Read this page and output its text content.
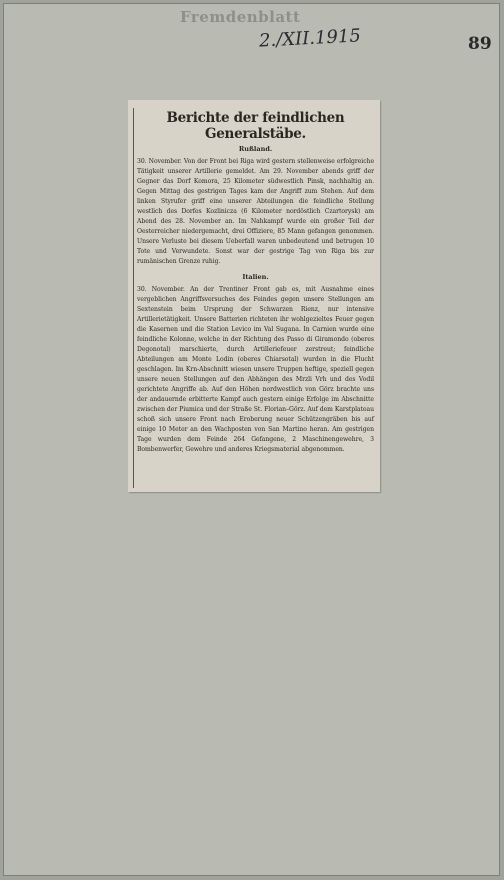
Fremdenblatt

2./XII.1915	89

Berichte der feindlichen Generalstäbe.

Rußland.

30. November. Von der Front bei Riga wird gestern stellenweise erfolgreiche Tätigkeit unserer Artillerie gemeldet. Am 29. November abends griff der Gegner das Dorf Komora, 25 Kilometer südwestlich Pinsk, nachhaltig an. Gegen Mittag des gestrigen Tages kam der Angriff zum Stehen. Auf dem linken Styrufer griff eine unserer Abteilungen die feindliche Stellung westlich des Dorfes Kozlinicza (6 Kilometer nordöstlich Czartorysk) am Abend des 28. November an. Im Nahkampf wurde ein großer Teil der Oesterreicher niedergemacht, drei Offiziere, 85 Mann gefangen genommen. Unsere Verluste bei diesem Ueberfall waren unbedeutend und betrugen 10 Tote und Verwundete. Sonst war der gestrige Tag von Riga bis zur rumänischen Grenze ruhig.

Italien.

30. November. An der Trentiner Front gab es, mit Ausnahme eines vergeblichen Angriffsversuches des Feindes gegen unsere Stellungen am Sextenstein beim Ursprung der Schwarzen Rienz, nur intensive Artillerietätigkeit. Unsere Batterien richteten ihr wohlgezieltes Feuer gegen die Kasernen und die Station Levico im Val Sugana. In Carnien wurde eine feindliche Kolonne, welche in der Richtung des Passo di Giramondo (oberes Degonotal) marschierte, durch Artilleriefeuer zerstreut; feindliche Abteilungen am Monte Lodin (oberes Chiarsotal) wurden in die Flucht geschlagen. Im Krn-Abschnitt wiesen unsere Truppen heftige, speziell gegen unsere neuen Stellungen auf den Abhängen des Mrzli Vrh und des Vodil gerichtete Angriffe ab. Auf den Höhen nordwestlich von Görz brachte uns der andauernde erbitterte Kampf auch gestern einige Erfolge im Abschnitte zwischen der Piumica und der Straße St. Florian–Görz. Auf dem Karstplateau schoß sich unsere Front nach Eroberung neuer Schützengräben bis auf einige 10 Meter an den Wachposten von San Martino heran. Am gestrigen Tage wurden dem Feinde 264 Gefangene, 2 Maschinengewehre, 3 Bombenwerfer, Gewehre und anderes Kriegsmaterial abgenommen.
